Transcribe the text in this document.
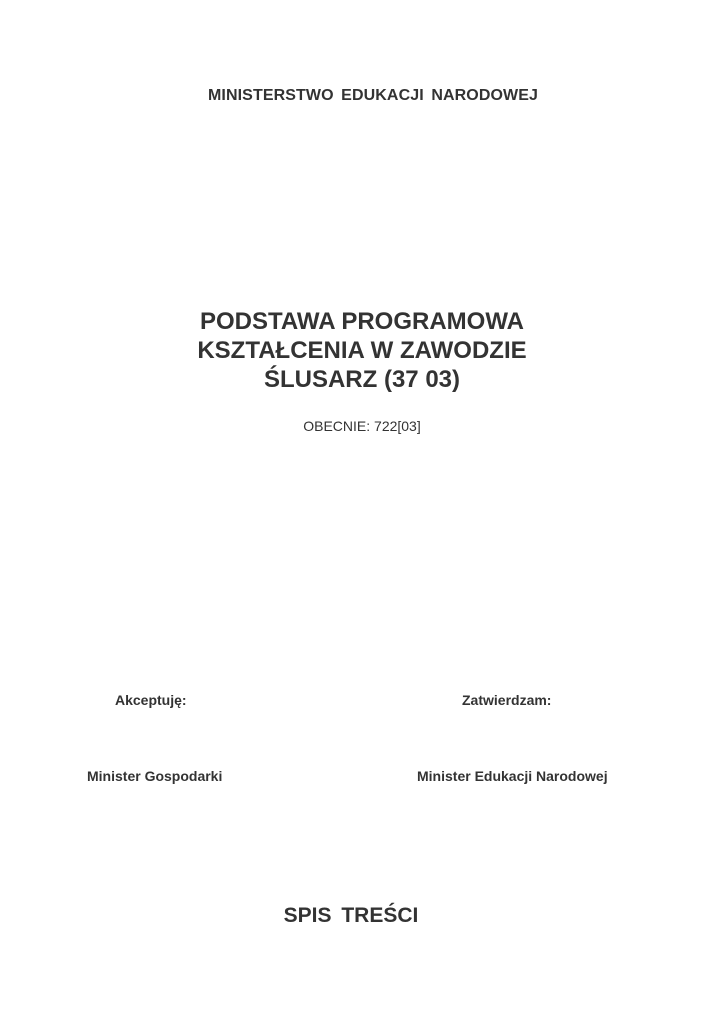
MINISTERSTWO EDUKACJI NARODOWEJ
PODSTAWA PROGRAMOWA
KSZTAŁCENIA W ZAWODZIE
ŚLUSARZ (37 03)
OBECNIE: 722[03]
Akceptuję:	Zatwierdzam:
Minister Gospodarki	Minister Edukacji Narodowej
SPIS TREŚCI
